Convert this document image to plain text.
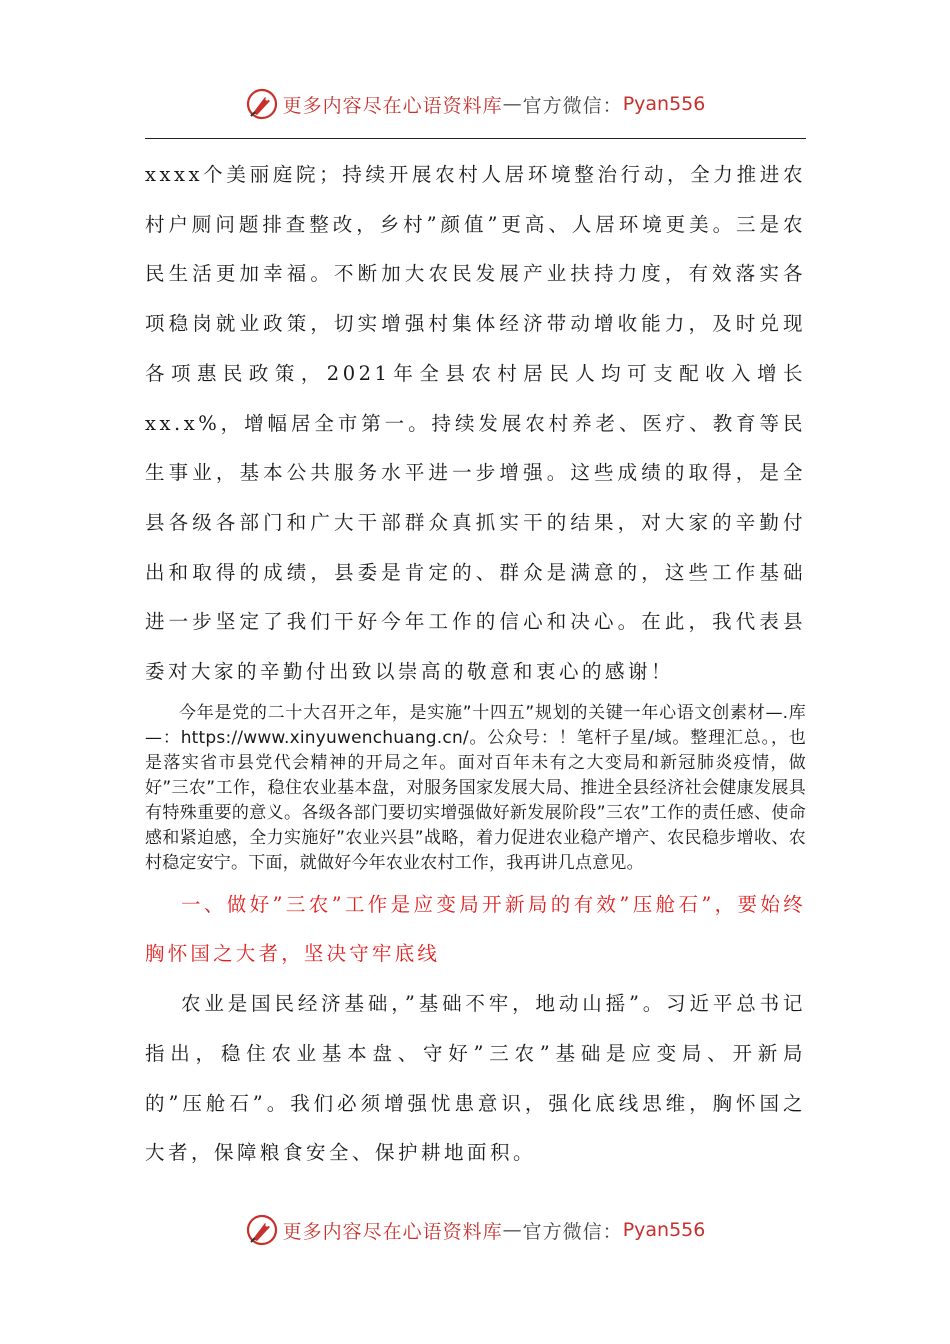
更多内容尽在心语资料库 — 官方微信： Pyan556

xxxx个美丽庭院；持续开展农村人居环境整治行动，全力推进农村户厕问题排查整改，乡村”颜值”更高、人居环境更美。三是农民生活更加幸福。不断加大农民发展产业扶持力度，有效落实各项稳岗就业政策，切实增强村集体经济带动增收能力，及时兑现各项惠民政策，2021年全县农村居民人均可支配收入增长xx.x%，增幅居全市第一。持续发展农村养老、医疗、教育等民生事业，基本公共服务水平进一步增强。这些成绩的取得，是全县各级各部门和广大干部群众真抓实干的结果，对大家的辛勤付出和取得的成绩，县委是肯定的、群众是满意的，这些工作基础进一步坚定了我们干好今年工作的信心和决心。在此，我代表县委对大家的辛勤付出致以崇高的敬意和衷心的感谢！

今年是党的二十大召开之年，是实施”十四五”规划的关键一年心语文创素材—.库—：https://www.xinyuwenchuang.cn/。公众号：！笔杆子星/域。整理汇总。，也是落实省市县党代会精神的开局之年。面对百年未有之大变局和新冠肺炎疫情，做好”三农”工作，稳住农业基本盘，对服务国家发展大局、推进全县经济社会健康发展具有特殊重要的意义。各级各部门要切实增强做好新发展阶段”三农”工作的责任感、使命感和紧迫感，全力实施好”农业兴县”战略，着力促进农业稳产增产、农民稳步增收、农村稳定安宁。下面，就做好今年农业农村工作，我再讲几点意见。

一、做好”三农”工作是应变局开新局的有效”压舱石”，要始终胸怀国之大者，坚决守牢底线

农业是国民经济基础，”基础不牢，地动山摇”。习近平总书记指出，稳住农业基本盘、守好”三农”基础是应变局、开新局的”压舱石”。我们必须增强忧患意识，强化底线思维，胸怀国之大者，保障粮食安全、保护耕地面积。

更多内容尽在心语资料库 — 官方微信： Pyan556
